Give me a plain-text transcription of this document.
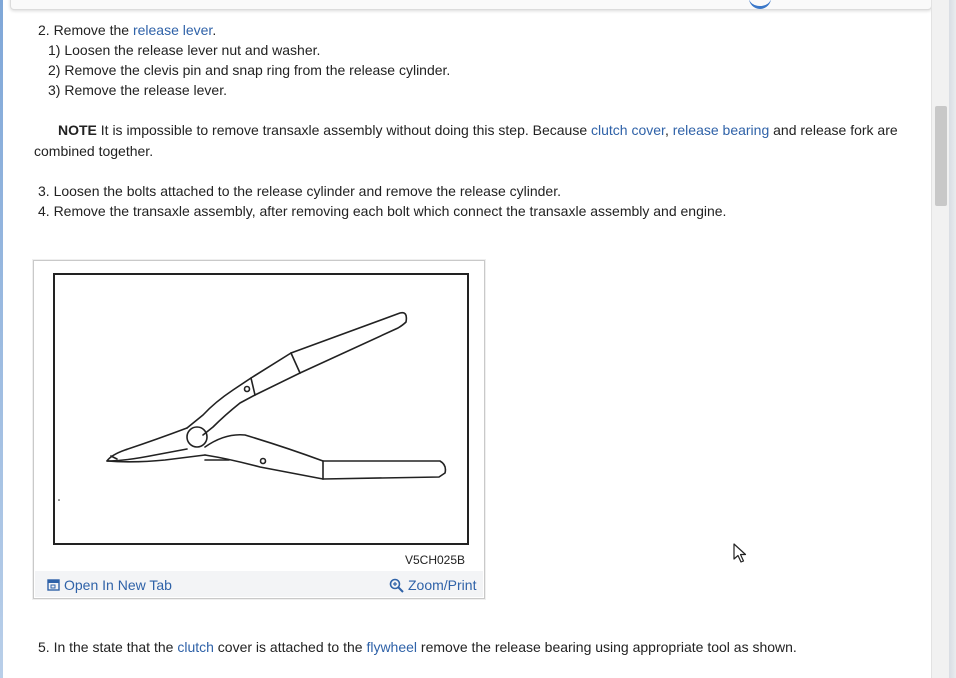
2. Remove the release lever.
1) Loosen the release lever nut and washer.
2) Remove the clevis pin and snap ring from the release cylinder.
3) Remove the release lever.
NOTE It is impossible to remove transaxle assembly without doing this step. Because clutch cover, release bearing and release fork are combined together.
3. Loosen the bolts attached to the release cylinder and remove the release cylinder.
4. Remove the transaxle assembly, after removing each bolt which connect the transaxle assembly and engine.
V5CH025B
Open In New Tab	Zoom/Print
5. In the state that the clutch cover is attached to the flywheel remove the release bearing using appropriate tool as shown.
